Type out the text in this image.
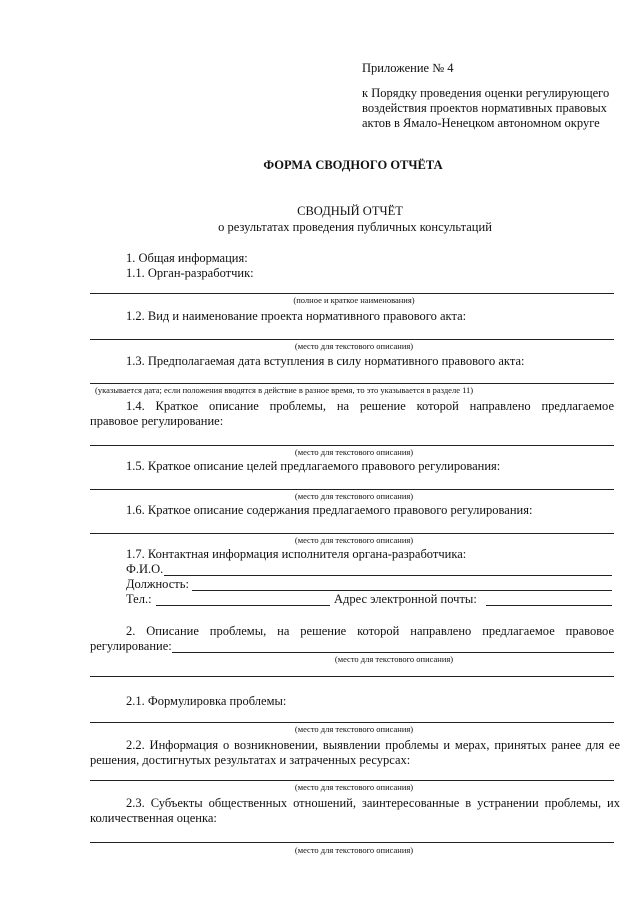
Приложение № 4
к Порядку проведения оценки регулирующего
воздействия проектов нормативных правовых
актов в Ямало-Ненецком автономном округе
ФОРМА СВОДНОГО ОТЧЁТА
СВОДНЫЙ ОТЧЁТ
о результатах проведения публичных консультаций
1. Общая информация:
1.1. Орган-разработчик:
(полное и краткое наименования)
1.2. Вид и наименование проекта нормативного правового акта:
(место для текстового описания)
1.3. Предполагаемая дата вступления в силу нормативного правового акта:
(указывается дата; если положения вводятся в действие в разное время, то это указывается в разделе 11)
1.4. Краткое описание проблемы, на решение которой направлено предлагаемое
правовое регулирование:
(место для текстового описания)
1.5. Краткое описание целей предлагаемого правового регулирования:
(место для текстового описания)
1.6. Краткое описание содержания предлагаемого правового регулирования:
(место для текстового описания)
1.7. Контактная информация исполнителя органа-разработчика:
Ф.И.О.
Должность:
Тел.:	Адрес электронной почты:
2. Описание проблемы, на решение которой направлено предлагаемое правовое
регулирование:
(место для текстового описания)
2.1. Формулировка проблемы:
(место для текстового описания)
2.2. Информация о возникновении, выявлении проблемы и мерах, принятых ранее для ее
решения, достигнутых результатах и затраченных ресурсах:
(место для текстового описания)
2.3. Субъекты общественных отношений, заинтересованные в устранении проблемы, их
количественная оценка:
(место для текстового описания)
